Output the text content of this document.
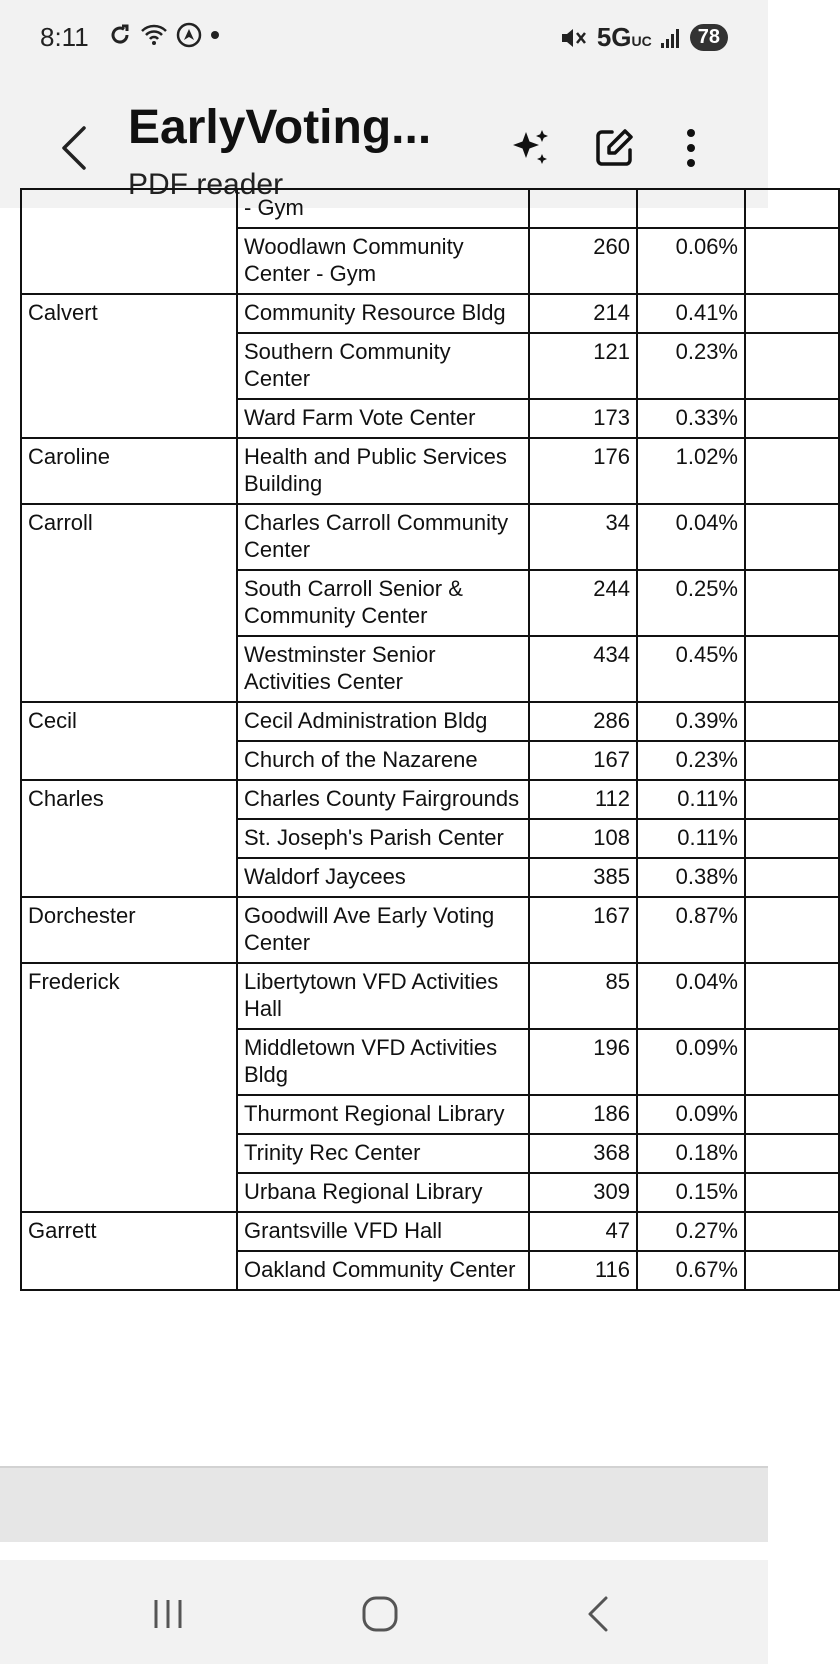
8:11	5GUC	78
EarlyVoting...
PDF reader
	- Gym			
	Woodlawn Community Center - Gym	260	0.06%	
Calvert	Community Resource Bldg	214	0.41%	
	Southern Community Center	121	0.23%	
	Ward Farm Vote Center	173	0.33%	
Caroline	Health and Public Services Building	176	1.02%	
Carroll	Charles Carroll Community Center	34	0.04%	
	South Carroll Senior & Community Center	244	0.25%	
	Westminster Senior Activities Center	434	0.45%	
Cecil	Cecil Administration Bldg	286	0.39%	
	Church of the Nazarene	167	0.23%	
Charles	Charles County Fairgrounds	112	0.11%	
	St. Joseph's Parish Center	108	0.11%	
	Waldorf Jaycees	385	0.38%	
Dorchester	Goodwill Ave Early Voting Center	167	0.87%	
Frederick	Libertytown VFD Activities Hall	85	0.04%	
	Middletown VFD Activities Bldg	196	0.09%	
	Thurmont Regional Library	186	0.09%	
	Trinity Rec Center	368	0.18%	
	Urbana Regional Library	309	0.15%	
Garrett	Grantsville VFD Hall	47	0.27%	
	Oakland Community Center	116	0.67%	
